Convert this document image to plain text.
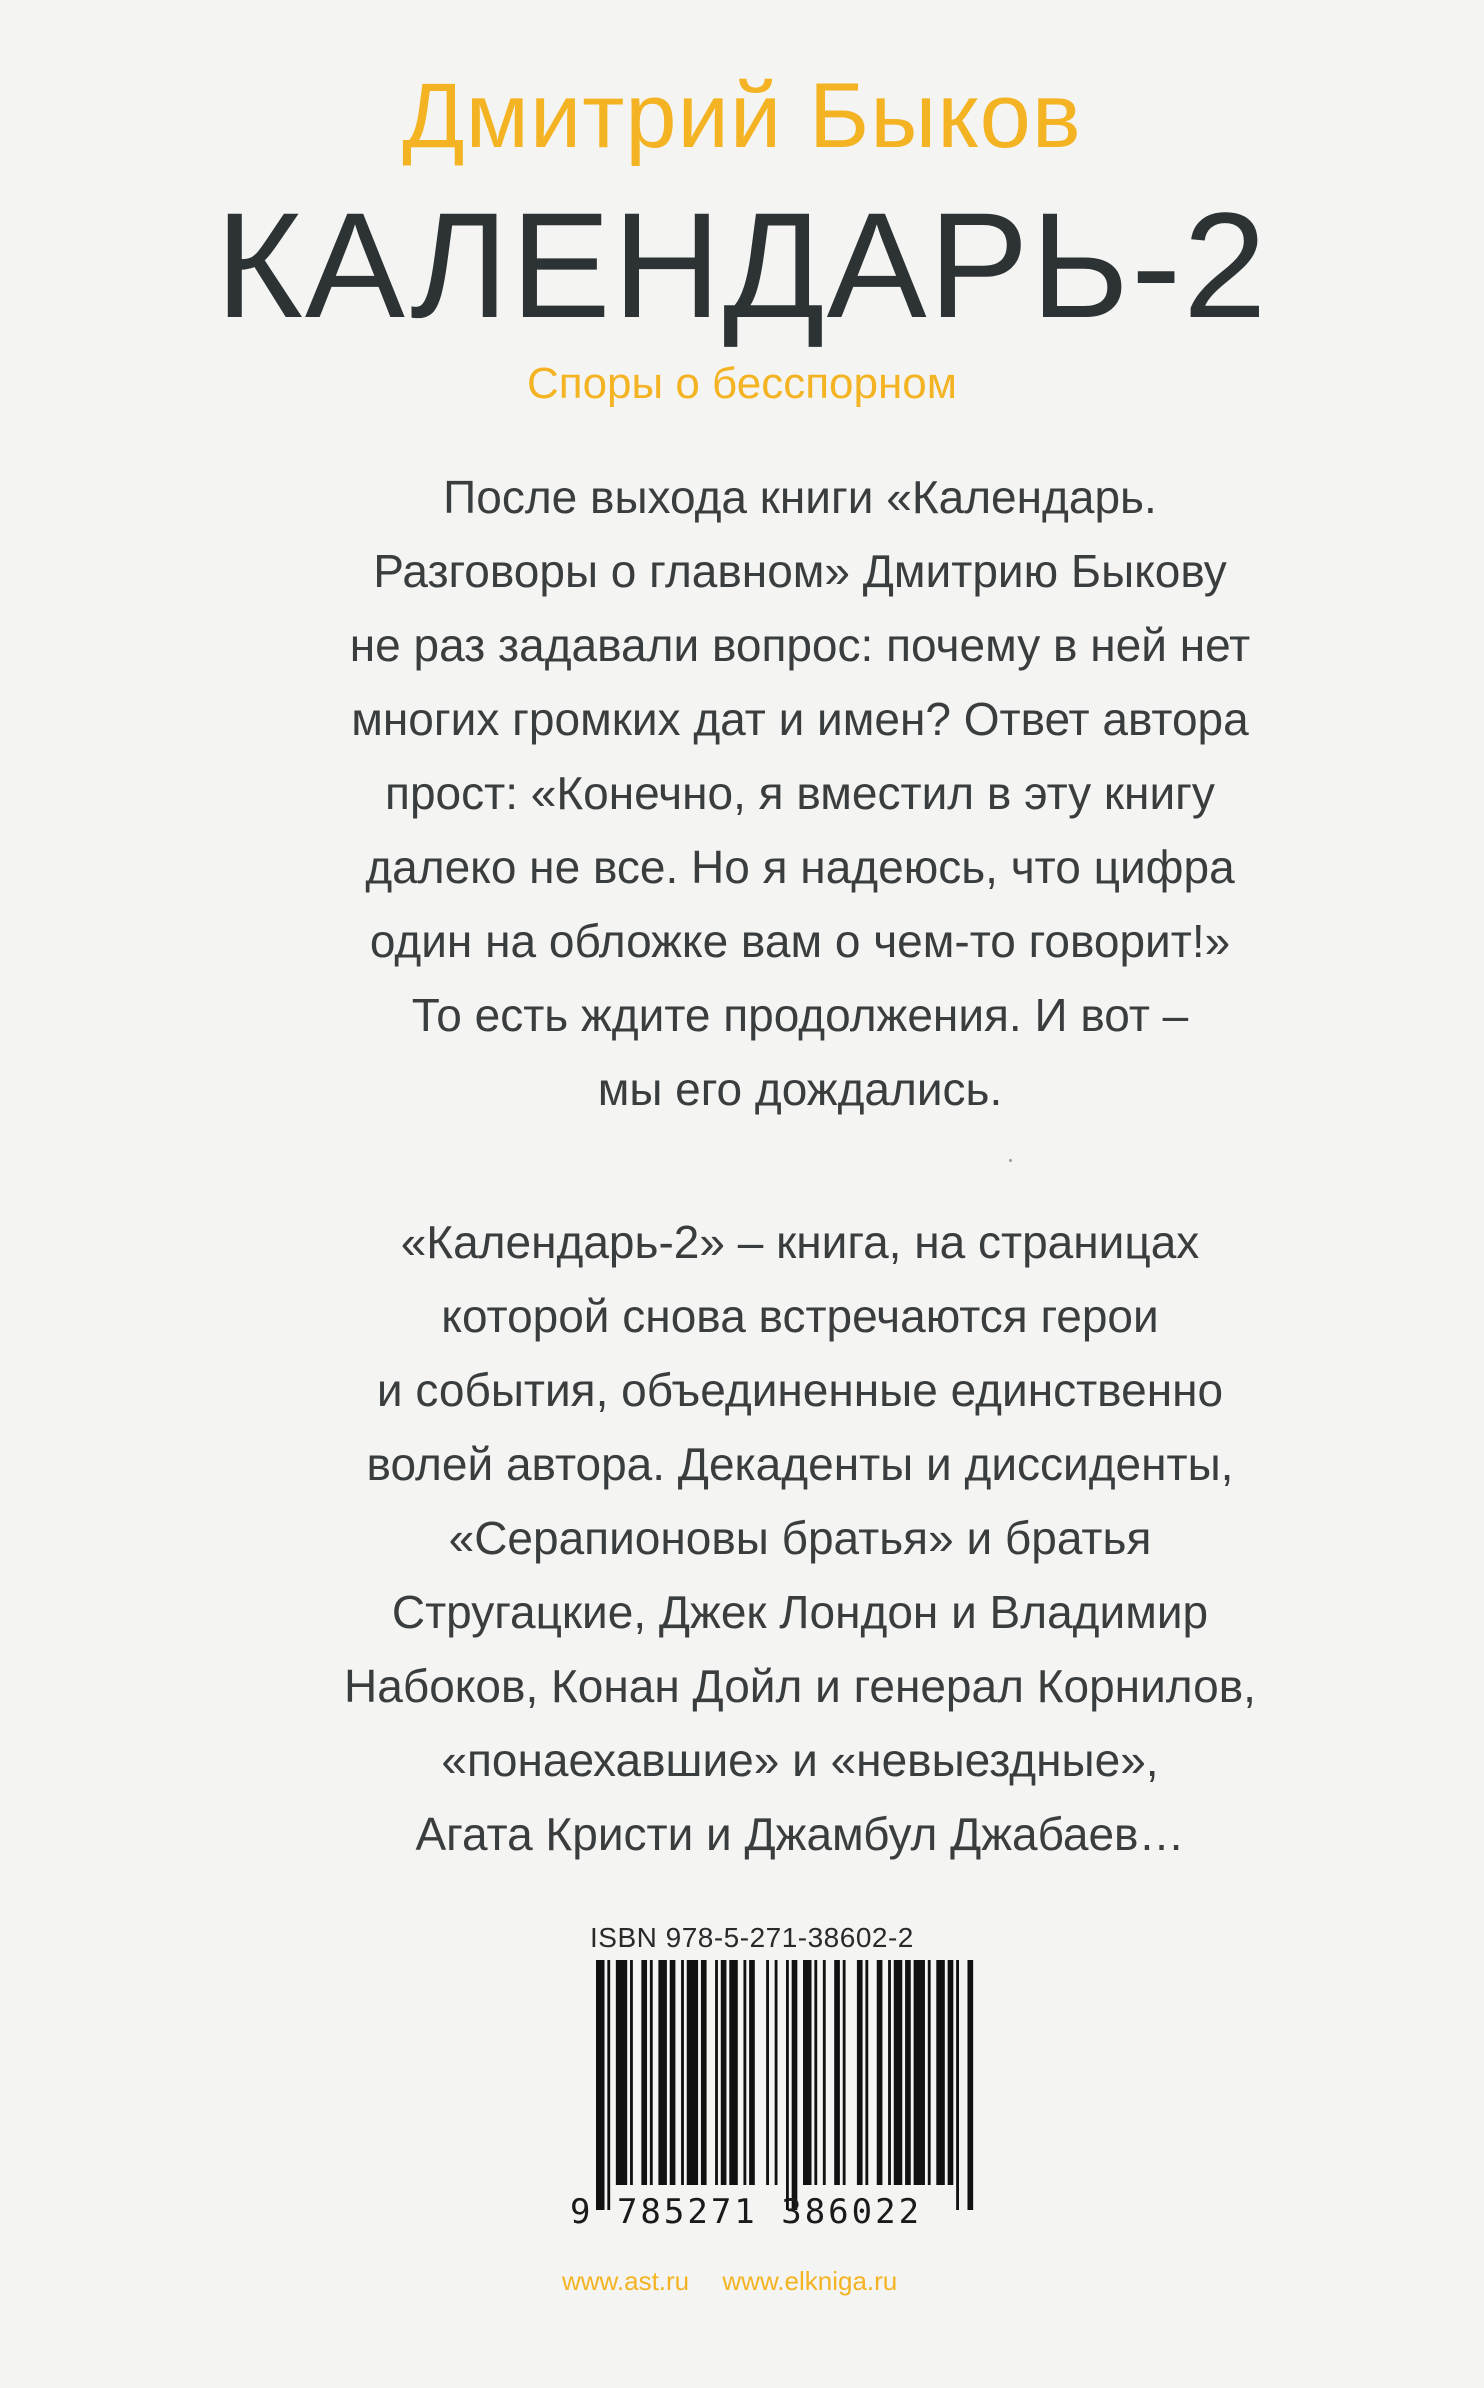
Дмитрий Быков
КАЛЕНДАРЬ-2
Споры о бесспорном
После выхода книги «Календарь.
Разговоры о главном» Дмитрию Быкову
не раз задавали вопрос: почему в ней нет
многих громких дат и имен? Ответ автора
прост: «Конечно, я вместил в эту книгу
далеко не все. Но я надеюсь, что цифра
один на обложке вам о чем-то говорит!»
То есть ждите продолжения. И вот –
мы его дождались.
«Календарь-2» – книга, на страницах
которой снова встречаются герои
и события, объединенные единственно
волей автора. Декаденты и диссиденты,
«Серапионовы братья» и братья
Стругацкие, Джек Лондон и Владимир
Набоков, Конан Дойл и генерал Корнилов,
«понаехавшие» и «невыездные»,
Агата Кристи и Джамбул Джабаев…
ISBN 978-5-271-38602-2
9 785271 386022
www.ast.ru www.elkniga.ru
